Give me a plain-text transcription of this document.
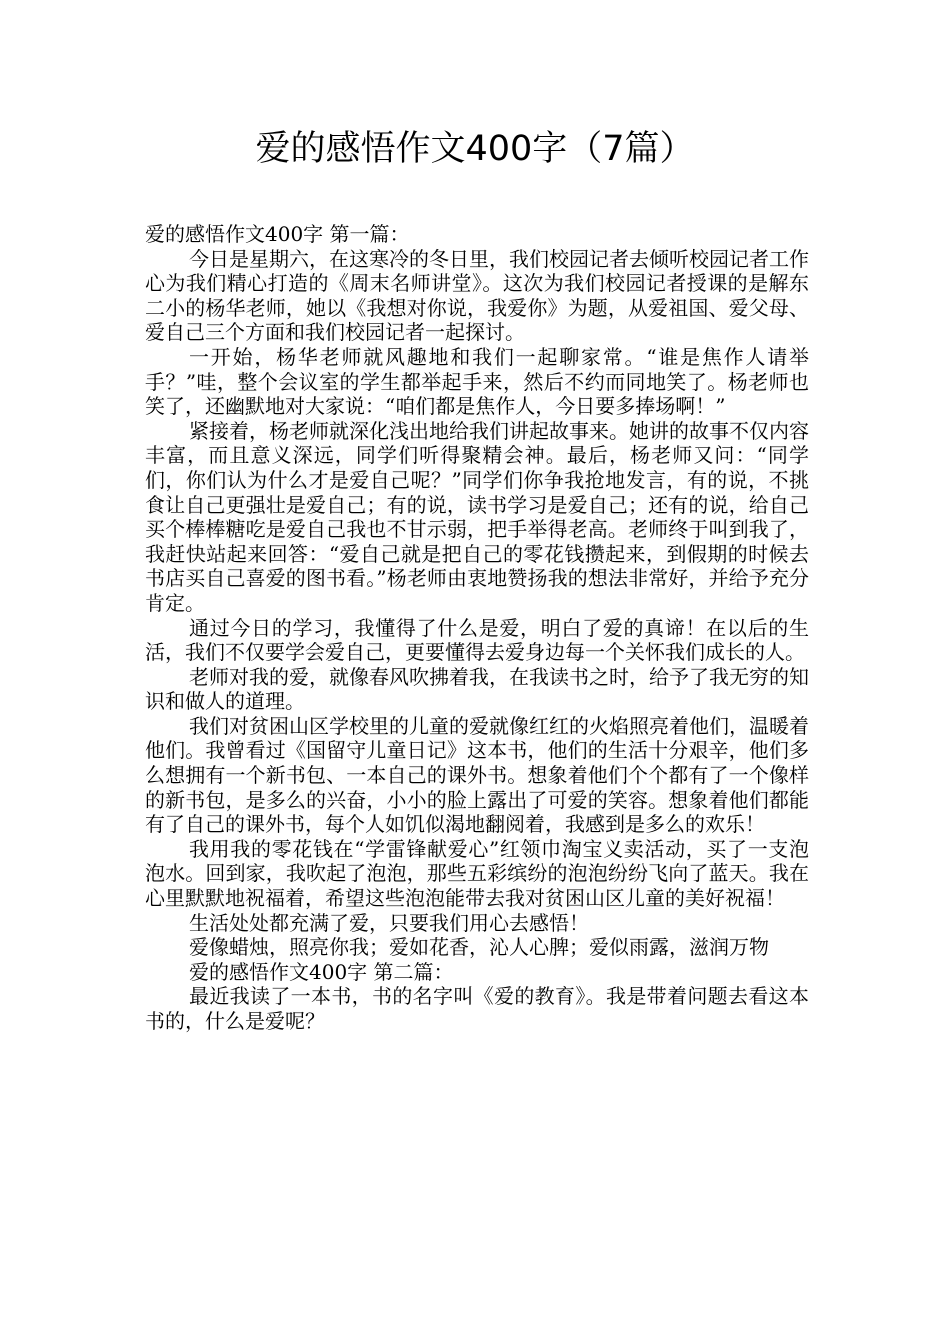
爱的感悟作文400字（7篇）

爱的感悟作文400字 第一篇：

今日是星期六，在这寒冷的冬日里，我们校园记者去倾听校园记者工作心为我们精心打造的《周末名师讲堂》。这次为我们校园记者授课的是解东二小的杨华老师，她以《我想对你说，我爱你》为题，从爱祖国、爱父母、爱自己三个方面和我们校园记者一起探讨。

一开始，杨华老师就风趣地和我们一起聊家常。“谁是焦作人请举手？”哇，整个会议室的学生都举起手来，然后不约而同地笑了。杨老师也笑了，还幽默地对大家说：“咱们都是焦作人，今日要多捧场啊！”

紧接着，杨老师就深化浅出地给我们讲起故事来。她讲的故事不仅内容丰富，而且意义深远，同学们听得聚精会神。最后，杨老师又问：“同学们，你们认为什么才是爱自己呢？”同学们你争我抢地发言，有的说，不挑食让自己更强壮是爱自己；有的说，读书学习是爱自己；还有的说，给自己买个棒棒糖吃是爱自己我也不甘示弱，把手举得老高。老师终于叫到我了，我赶快站起来回答：“爱自己就是把自己的零花钱攒起来，到假期的时候去书店买自己喜爱的图书看。”杨老师由衷地赞扬我的想法非常好，并给予充分肯定。

通过今日的学习，我懂得了什么是爱，明白了爱的真谛！在以后的生活，我们不仅要学会爱自己，更要懂得去爱身边每一个关怀我们成长的人。

老师对我的爱，就像春风吹拂着我，在我读书之时，给予了我无穷的知识和做人的道理。

我们对贫困山区学校里的儿童的爱就像红红的火焰照亮着他们，温暖着他们。我曾看过《国留守儿童日记》这本书，他们的生活十分艰辛，他们多么想拥有一个新书包、一本自己的课外书。想象着他们个个都有了一个像样的新书包，是多么的兴奋，小小的脸上露出了可爱的笑容。想象着他们都能有了自己的课外书，每个人如饥似渴地翻阅着，我感到是多么的欢乐！

我用我的零花钱在“学雷锋献爱心”红领巾淘宝义卖活动，买了一支泡泡水。回到家，我吹起了泡泡，那些五彩缤纷的泡泡纷纷飞向了蓝天。我在心里默默地祝福着，希望这些泡泡能带去我对贫困山区儿童的美好祝福！

生活处处都充满了爱，只要我们用心去感悟！

爱像蜡烛，照亮你我；爱如花香，沁人心脾；爱似雨露，滋润万物

爱的感悟作文400字 第二篇：

最近我读了一本书，书的名字叫《爱的教育》。我是带着问题去看这本书的，什么是爱呢？
